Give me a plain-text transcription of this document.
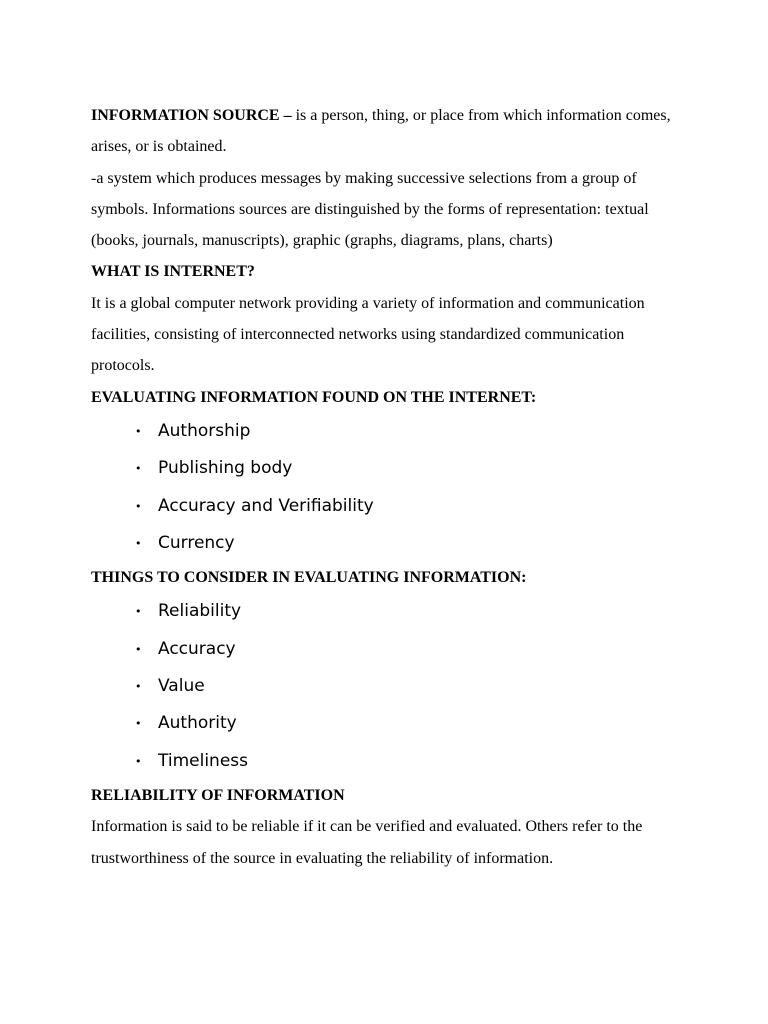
INFORMATION SOURCE – is a person, thing, or place from which information comes, arises, or is obtained.

-a system which produces messages by making successive selections from a group of symbols. Informations sources are distinguished by the forms of representation: textual (books, journals, manuscripts), graphic (graphs, diagrams, plans, charts)

WHAT IS INTERNET?

It is a global computer network providing a variety of information and communication facilities, consisting of interconnected networks using standardized communication protocols.

EVALUATING INFORMATION FOUND ON THE INTERNET:

• Authorship
• Publishing body
• Accuracy and Verifiability
• Currency

THINGS TO CONSIDER IN EVALUATING INFORMATION:

• Reliability
• Accuracy
• Value
• Authority
• Timeliness

RELIABILITY OF INFORMATION

Information is said to be reliable if it can be verified and evaluated. Others refer to the trustworthiness of the source in evaluating the reliability of information.
